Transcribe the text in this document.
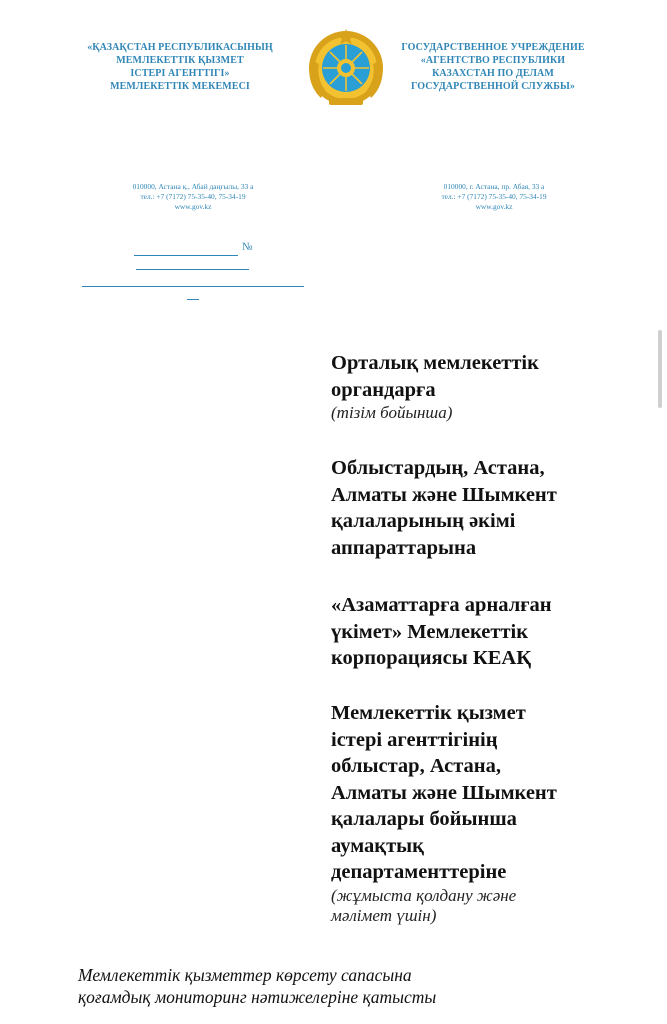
«ҚАЗАҚСТАН РЕСПУБЛИКАСЫНЫҢ
МЕМЛЕКЕТТІК ҚЫЗМЕТ
ІСТЕРІ АГЕНТТІГІ»
МЕМЛЕКЕТТІК МЕКЕМЕСІ
ГОСУДАРСТВЕННОЕ УЧРЕЖДЕНИЕ
«АГЕНТСТВО РЕСПУБЛИКИ
КАЗАХСТАН ПО ДЕЛАМ
ГОСУДАРСТВЕННОЙ СЛУЖБЫ»
010000, Астана қ., Абай даңғылы, 33 а
тел.: +7 (7172) 75-35-40, 75-34-19
www.gov.kz
010000, г. Астана, пр. Абая, 33 а
тел.: +7 (7172) 75-35-40, 75-34-19
www.gov.kz
№
Орталық мемлекеттік
органдарға
(тізім бойынша)
Облыстардың, Астана,
Алматы және Шымкент
қалаларының әкімі
аппараттарына
«Азаматтарға арналған
үкімет» Мемлекеттік
корпорациясы КЕАҚ
Мемлекеттік қызмет
істері агенттігінің
облыстар, Астана,
Алматы және Шымкент
қалалары бойынша
аумақтық
департаменттеріне
(жұмыста қолдану және
мәлімет үшін)
Мемлекеттік қызметтер көрсету сапасына
қоғамдық мониторинг нәтижелеріне қатысты
